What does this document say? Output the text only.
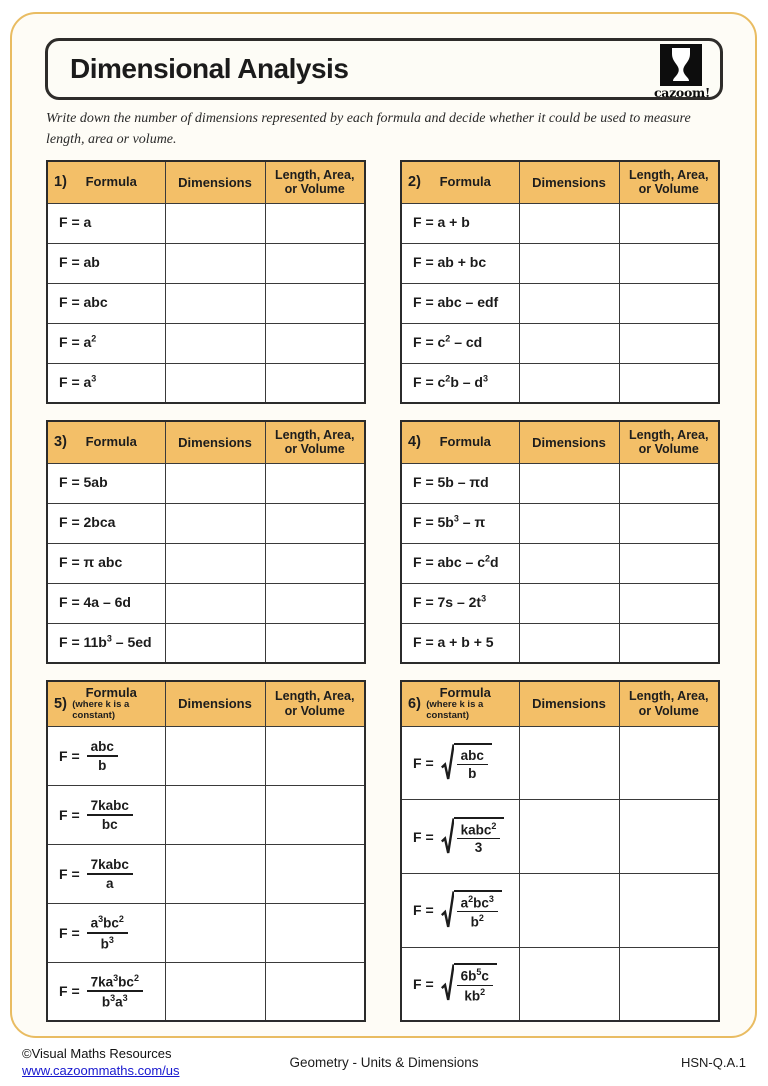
Dimensional Analysis
cazoom!
Write down the number of dimensions represented by each formula and decide whether it could be used to measure length, area or volume.
1) Formula	Dimensions	Length, Area, or Volume
F = a		
F = ab		
F = abc		
$F = a^2$		
$F = a^3$		
2) Formula	Dimensions	Length, Area, or Volume
F = a + b		
F = ab + bc		
F = abc – edf		
$F = c^2$ – cd		
$F = c^2b - d^3$		
3) Formula	Dimensions	Length, Area, or Volume
F = 5ab		
F = 2bca		
F = π abc		
F = 4a – 6d		
$F = 11b^3 - 5ed$		
4) Formula	Dimensions	Length, Area, or Volume
F = 5b – πd		
$F = 5b^3 - \pi$		
F = abc – $c^2d$		
$F = 7s - 2t^3$		
F = a + b + 5		
5)
Formula
(where k is a constant)	Dimensions	Length, Area, or Volume

$F = \frac{\text{abc}}{b}$

$F = \frac{\text{7kabc}}{bc}$

$F = \frac{\text{7kabc}}{a}$

$F = \frac{a^3bc^2}{b^3}$

$F = \frac{7ka^3bc^2}{b^3a^3}$

6)
Formula
(where k is a constant)	Dimensions	Length, Area, or Volume

$F = \frac{\text{abc}}{b}$

$F = \frac{kabc^2}{3}$

$F = \frac{a^2bc^3}{b^2}$

$F = \frac{6b^5c}{kb^2}$

©Visual Maths Resources
www.cazoommaths.com/us
Geometry - Units & Dimensions	HSN-Q.A.1
